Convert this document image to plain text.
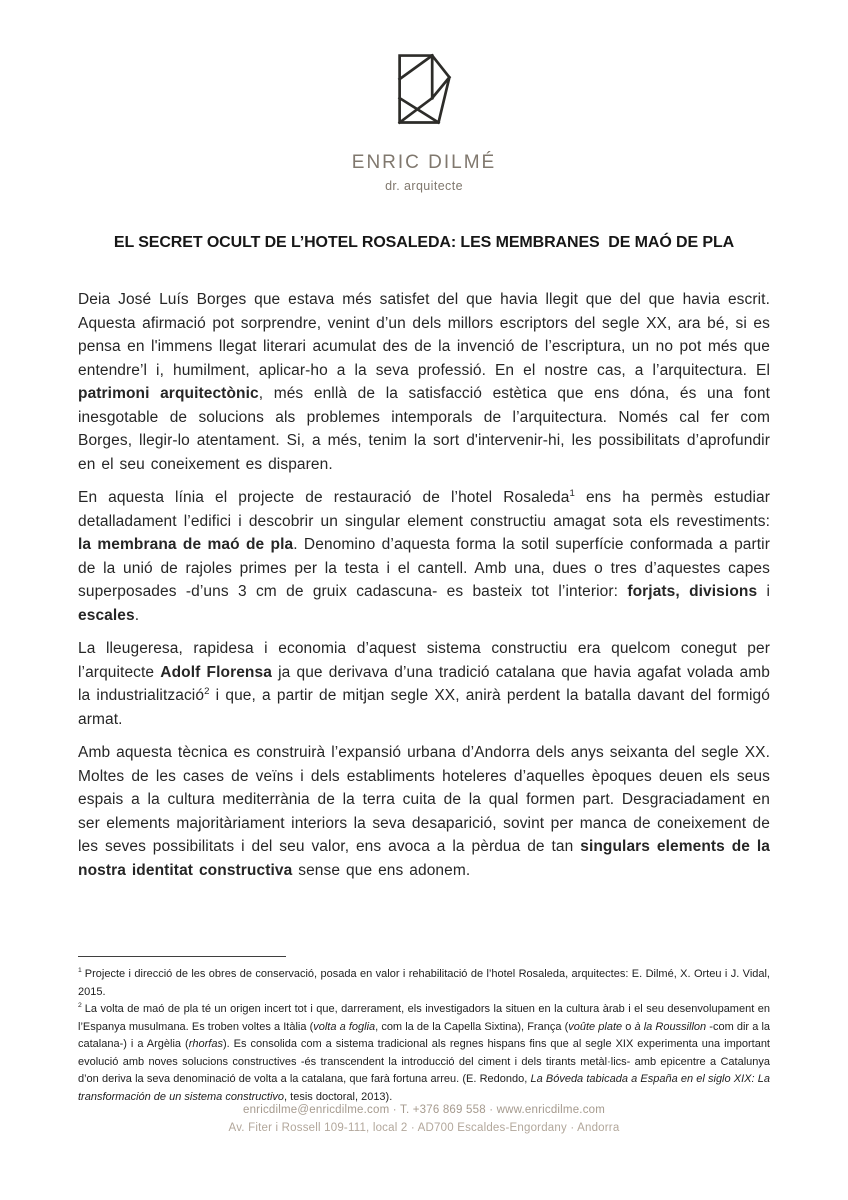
ENRIC DILMÉ
dr. arquitecte
EL SECRET OCULT DE L’HOTEL ROSALEDA: LES MEMBRANES  DE MAÓ DE PLA

Deia José Luís Borges que estava més satisfet del que havia llegit que del que havia escrit. Aquesta afirmació pot sorprendre, venint d’un dels millors escriptors del segle XX, ara bé, si es pensa en l'immens llegat literari acumulat des de la invenció de l’escriptura, un no pot més que entendre’l i, humilment, aplicar-ho a la seva professió. En el nostre cas, a l’arquitectura. El patrimoni arquitectònic, més enllà de la satisfacció estètica que ens dóna, és una font inesgotable de solucions als problemes intemporals de l’arquitectura. Només cal fer com Borges, llegir-lo atentament. Si, a més, tenim la sort d'intervenir-hi, les possibilitats d’aprofundir en el seu coneixement es disparen.

En aquesta línia el projecte de restauració de l’hotel Rosaleda$^1$ ens ha permès estudiar detalladament l’edifici i descobrir un singular element constructiu amagat sota els revestiments: la membrana de maó de pla. Denomino d’aquesta forma la sotil superfície conformada a partir de la unió de rajoles primes per la testa i el cantell. Amb una, dues o tres d’aquestes capes superposades -d’uns 3 cm de gruix cadascuna- es basteix tot l’interior: forjats, divisions i escales.

La lleugeresa, rapidesa i economia d’aquest sistema constructiu era quelcom conegut per l’arquitecte Adolf Florensa ja que derivava d’una tradició catalana que havia agafat volada amb la industrialització$^2$ i que, a partir de mitjan segle XX, anirà perdent la batalla davant del formigó armat.

Amb aquesta tècnica es construirà l’expansió urbana d’Andorra dels anys seixanta del segle XX. Moltes de les cases de veïns i dels establiments hoteleres d’aquelles èpoques deuen els seus espais a la cultura mediterrània de la terra cuita de la qual formen part. Desgraciadament en ser elements majoritàriament interiors la seva desaparició, sovint per manca de coneixement de les seves possibilitats i del seu valor, ens avoca a la pèrdua de tan singulars elements de la nostra identitat constructiva sense que ens adonem.

$^1$ Projecte i direcció de les obres de conservació, posada en valor i rehabilitació de l’hotel Rosaleda, arquitectes: E. Dilmé, X. Orteu i J. Vidal, 2015.

$^2$ La volta de maó de pla té un origen incert tot i que, darrerament, els investigadors la situen en la cultura àrab i el seu desenvolupament en l’Espanya musulmana. Es troben voltes a Itàlia (volta a foglia, com la de la Capella Sixtina), França (voûte plate o à la Roussillon -com dir a la catalana-) i a Argèlia (rhorfas). Es consolida com a sistema tradicional als regnes hispans fins que al segle XIX experimenta una important evolució amb noves solucions constructives -és transcendent la introducció del ciment i dels tirants metàl·lics- amb epicentre a Catalunya d’on deriva la seva denominació de volta a la catalana, que farà fortuna arreu. (E. Redondo, La Bóveda tabicada a España en el siglo XIX: La transformación de un sistema constructivo, tesis doctoral, 2013).

enricdilme@enricdilme.com · T. +376 869 558 · www.enricdilme.com
Av. Fiter i Rossell 109-111, local 2 · AD700 Escaldes-Engordany · Andorra
